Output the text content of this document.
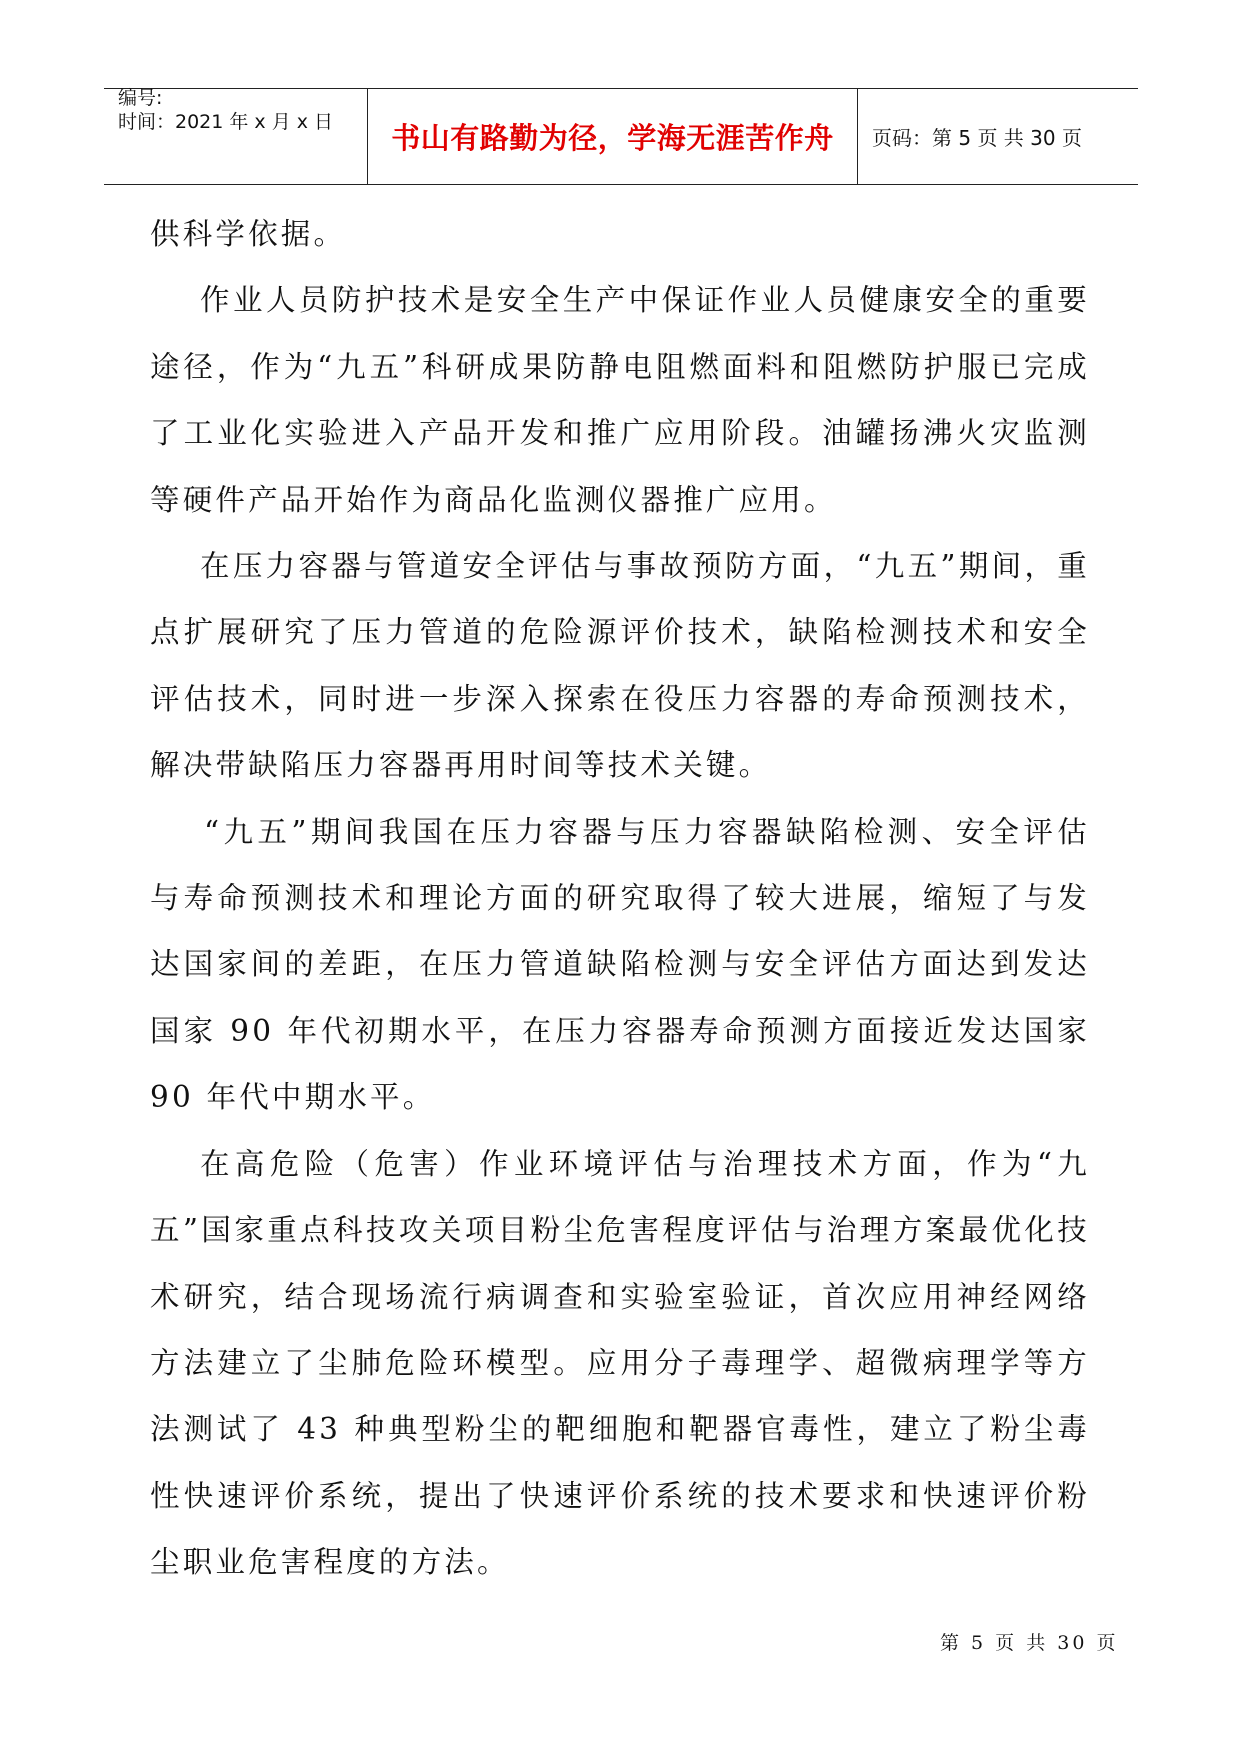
编号:
时间：2021 年 x 月 x 日 书山有路勤为径，学海无涯苦作舟 页码：第 5 页 共 30 页

供科学依据。

作业人员防护技术是安全生产中保证作业人员健康安全的重要途径，作为“九五”科研成果防静电阻燃面料和阻燃防护服已完成了工业化实验进入产品开发和推广应用阶段。油罐扬沸火灾监测等硬件产品开始作为商品化监测仪器推广应用。

在压力容器与管道安全评估与事故预防方面，“九五”期间，重点扩展研究了压力管道的危险源评价技术，缺陷检测技术和安全评估技术，同时进一步深入探索在役压力容器的寿命预测技术，解决带缺陷压力容器再用时间等技术关键。

“九五”期间我国在压力容器与压力容器缺陷检测、安全评估与寿命预测技术和理论方面的研究取得了较大进展，缩短了与发达国家间的差距，在压力管道缺陷检测与安全评估方面达到发达国家 90 年代初期水平，在压力容器寿命预测方面接近发达国家 90 年代中期水平。

在高危险（危害）作业环境评估与治理技术方面，作为“九五”国家重点科技攻关项目粉尘危害程度评估与治理方案最优化技术研究，结合现场流行病调查和实验室验证，首次应用神经网络方法建立了尘肺危险环模型。应用分子毒理学、超微病理学等方法测试了 43 种典型粉尘的靶细胞和靶器官毒性，建立了粉尘毒性快速评价系统，提出了快速评价系统的技术要求和快速评价粉尘职业危害程度的方法。

第 5 页 共 30 页
